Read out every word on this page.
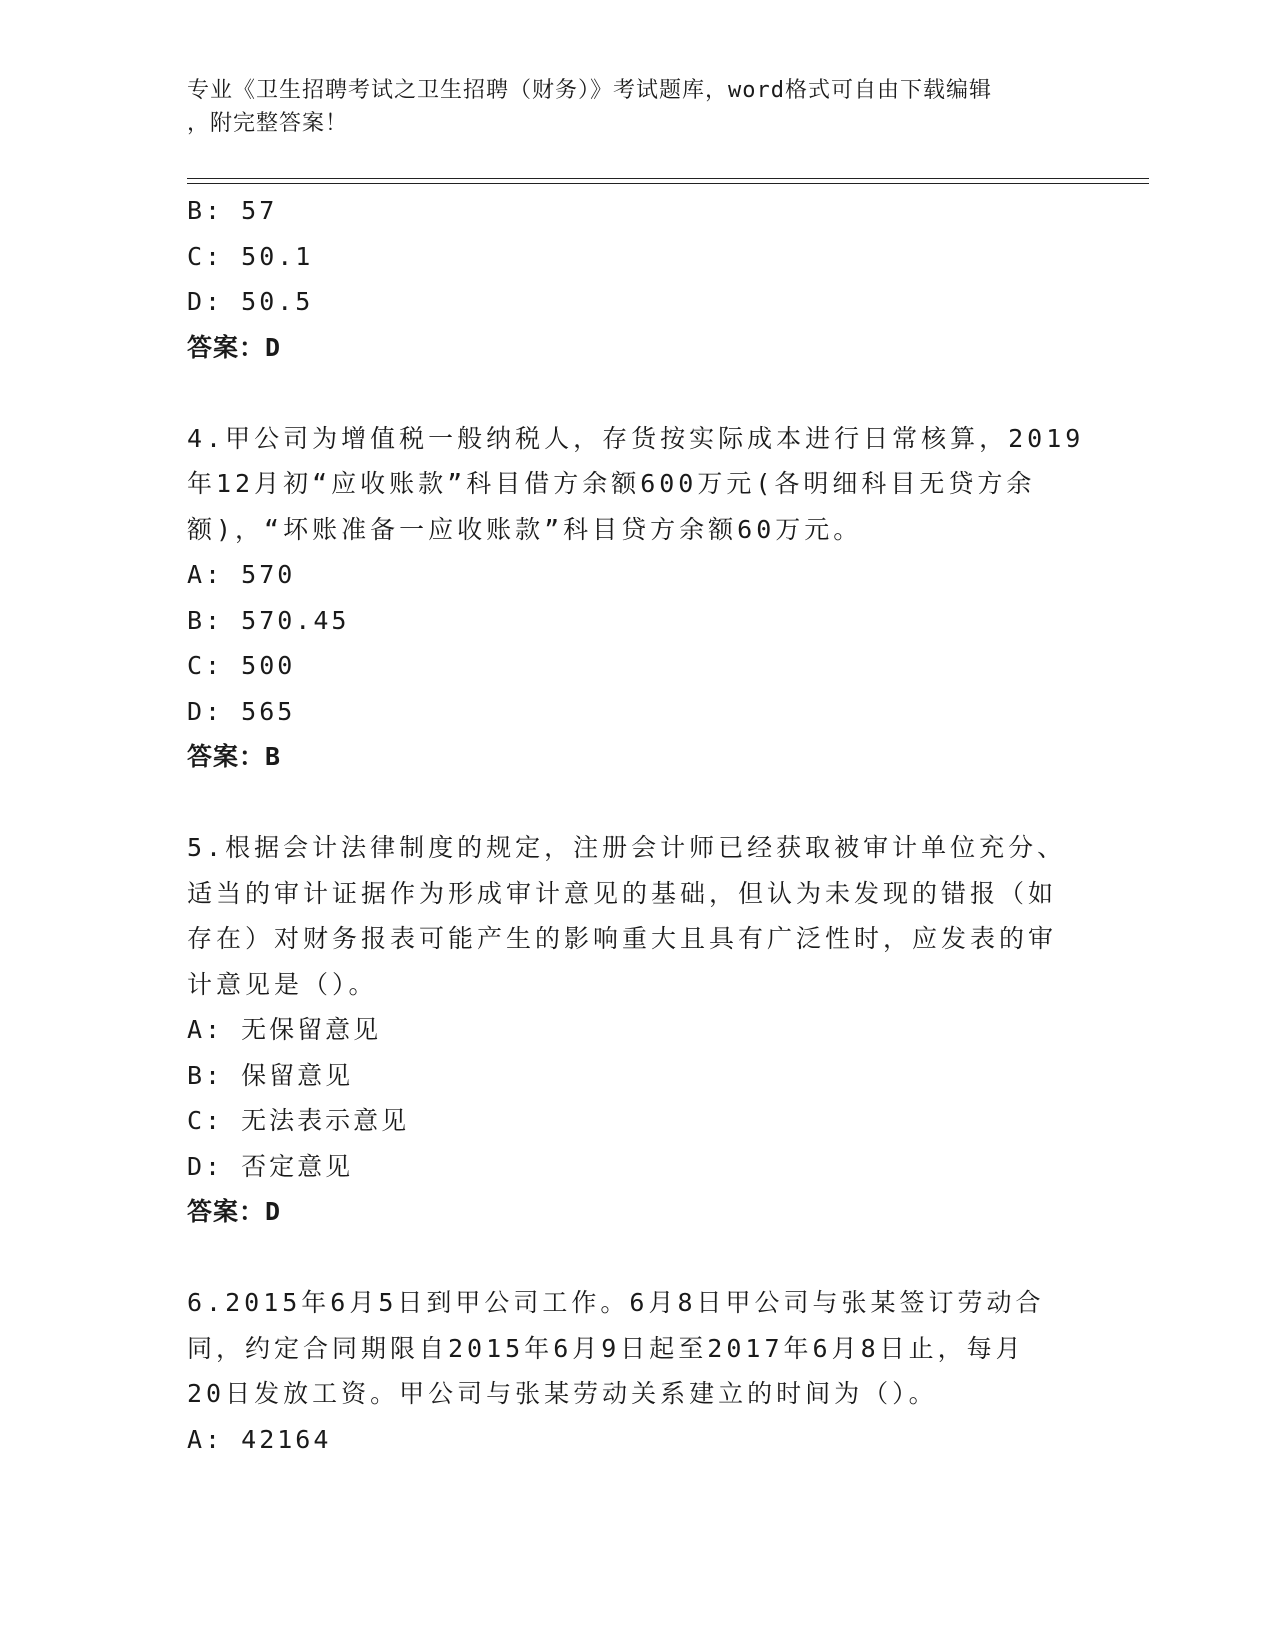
专业《卫生招聘考试之卫生招聘（财务）》考试题库，word格式可自由下载编辑
，附完整答案！
B: 57
C: 50.1
D: 50.5
答案：D
4.甲公司为增值税一般纳税人，存货按实际成本进行日常核算，2019
年12月初“应收账款”科目借方余额600万元(各明细科目无贷方余
额)，“坏账准备一应收账款”科目贷方余额60万元。
A: 570
B: 570.45
C: 500
D: 565
答案：B
5.根据会计法律制度的规定，注册会计师已经获取被审计单位充分、
适当的审计证据作为形成审计意见的基础，但认为未发现的错报（如
存在）对财务报表可能产生的影响重大且具有广泛性时，应发表的审
计意见是（）。
A: 无保留意见
B: 保留意见
C: 无法表示意见
D: 否定意见
答案：D
6.2015年6月5日到甲公司工作。6月8日甲公司与张某签订劳动合
同，约定合同期限自2015年6月9日起至2017年6月8日止，每月
20日发放工资。甲公司与张某劳动关系建立的时间为（）。
A: 42164
